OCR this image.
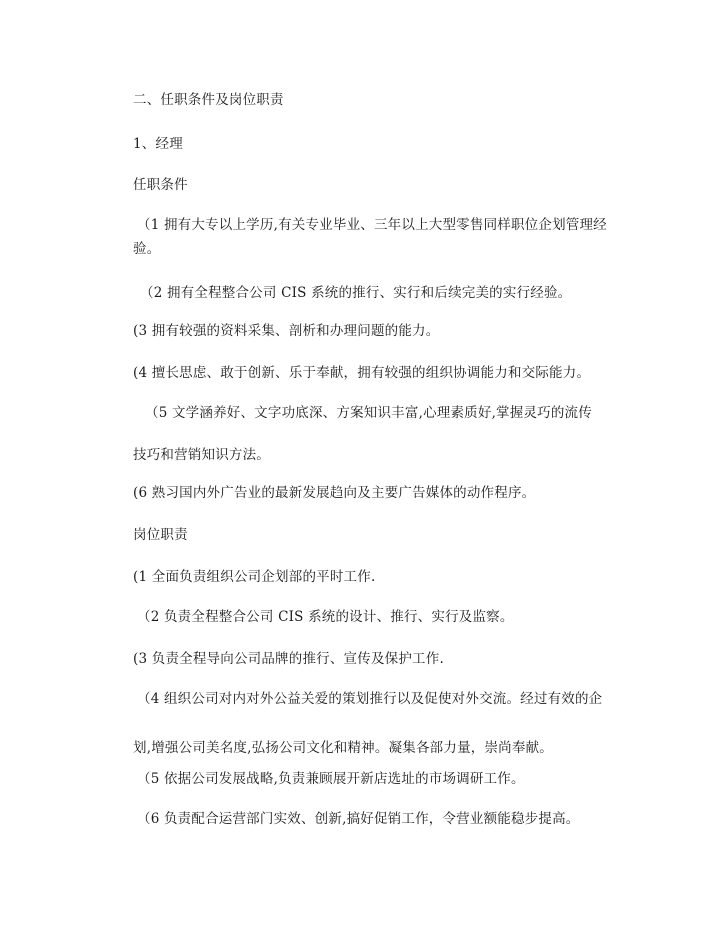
二、任职条件及岗位职责
1、经理
任职条件
（1 拥有大专以上学历,有关专业毕业、三年以上大型零售同样职位企划管理经
验。
（2 拥有全程整合公司 CIS 系统的推行、实行和后续完美的实行经验。
(3 拥有较强的资料采集、剖析和办理问题的能力。
(4 擅长思虑、敢于创新、乐于奉献，拥有较强的组织协调能力和交际能力。
（5 文学涵养好、文字功底深、方案知识丰富,心理素质好,掌握灵巧的流传
技巧和营销知识方法。
(6 熟习国内外广告业的最新发展趋向及主要广告媒体的动作程序。
岗位职责
(1 全面负责组织公司企划部的平时工作.
（2 负责全程整合公司 CIS 系统的设计、推行、实行及监察。
(3 负责全程导向公司品牌的推行、宣传及保护工作.
（4 组织公司对内对外公益关爱的策划推行以及促使对外交流。经过有效的企
划,增强公司美名度,弘扬公司文化和精神。凝集各部力量，崇尚奉献。
（5 依据公司发展战略,负责兼顾展开新店选址的市场调研工作。
（6 负责配合运营部门实效、创新,搞好促销工作，令营业额能稳步提高。
